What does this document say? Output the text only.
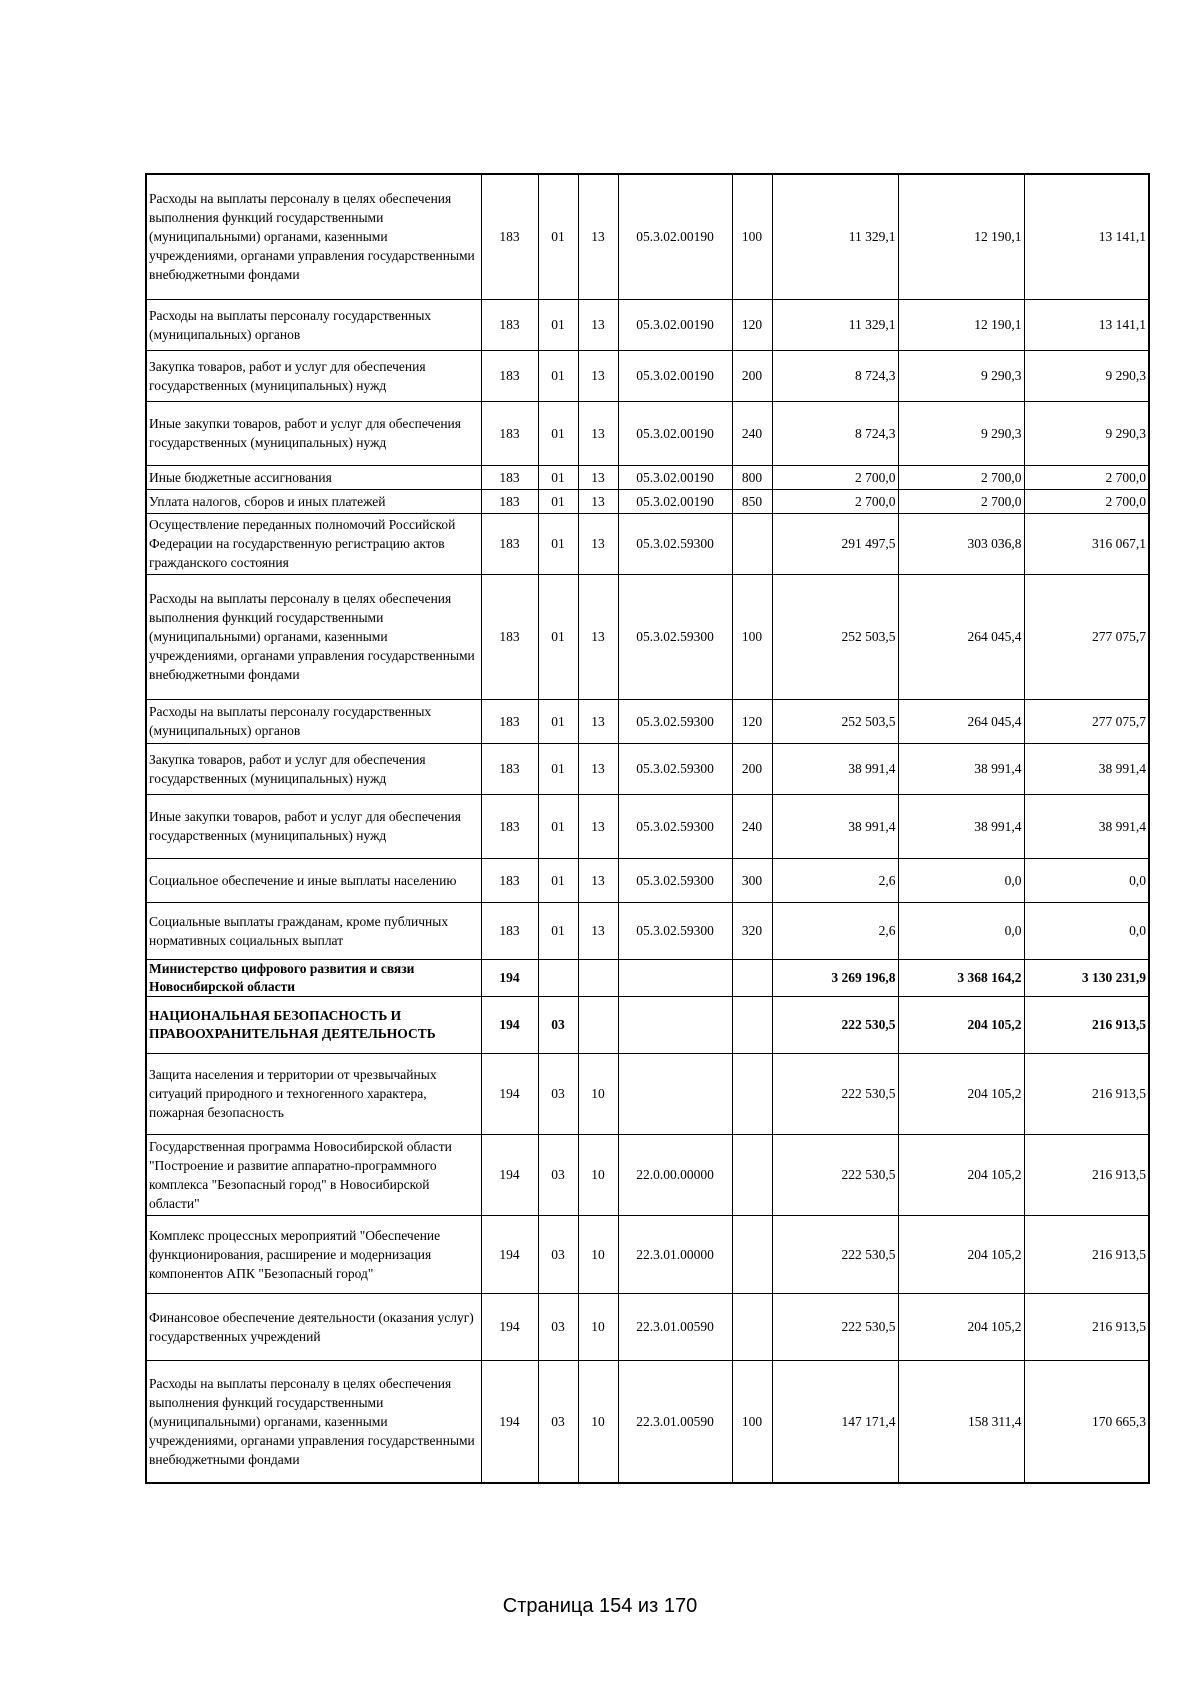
Расходы на выплаты персоналу в целях обеспечения выполнения функций государственными (муниципальными) органами, казенными учреждениями, органами управления государственными внебюджетными фондами	183	01	13	05.3.02.00190	100	11 329,1	12 190,1	13 141,1
Расходы на выплаты персоналу государственных (муниципальных) органов	183	01	13	05.3.02.00190	120	11 329,1	12 190,1	13 141,1
Закупка товаров, работ и услуг для обеспечения государственных (муниципальных) нужд	183	01	13	05.3.02.00190	200	8 724,3	9 290,3	9 290,3
Иные закупки товаров, работ и услуг для обеспечения государственных (муниципальных) нужд	183	01	13	05.3.02.00190	240	8 724,3	9 290,3	9 290,3
Иные бюджетные ассигнования	183	01	13	05.3.02.00190	800	2 700,0	2 700,0	2 700,0
Уплата налогов, сборов и иных платежей	183	01	13	05.3.02.00190	850	2 700,0	2 700,0	2 700,0
Осуществление переданных полномочий Российской Федерации на государственную регистрацию актов гражданского состояния	183	01	13	05.3.02.59300		291 497,5	303 036,8	316 067,1
Расходы на выплаты персоналу в целях обеспечения выполнения функций государственными (муниципальными) органами, казенными учреждениями, органами управления государственными внебюджетными фондами	183	01	13	05.3.02.59300	100	252 503,5	264 045,4	277 075,7
Расходы на выплаты персоналу государственных (муниципальных) органов	183	01	13	05.3.02.59300	120	252 503,5	264 045,4	277 075,7
Закупка товаров, работ и услуг для обеспечения государственных (муниципальных) нужд	183	01	13	05.3.02.59300	200	38 991,4	38 991,4	38 991,4
Иные закупки товаров, работ и услуг для обеспечения государственных (муниципальных) нужд	183	01	13	05.3.02.59300	240	38 991,4	38 991,4	38 991,4
Социальное обеспечение и иные выплаты населению	183	01	13	05.3.02.59300	300	2,6	0,0	0,0
Социальные выплаты гражданам, кроме публичных нормативных социальных выплат	183	01	13	05.3.02.59300	320	2,6	0,0	0,0
Министерство цифрового развития и связи Новосибирской области	194					3 269 196,8	3 368 164,2	3 130 231,9
НАЦИОНАЛЬНАЯ БЕЗОПАСНОСТЬ И ПРАВООХРАНИТЕЛЬНАЯ ДЕЯТЕЛЬНОСТЬ	194	03				222 530,5	204 105,2	216 913,5
Защита населения и территории от чрезвычайных ситуаций природного и техногенного характера, пожарная безопасность	194	03	10			222 530,5	204 105,2	216 913,5
Государственная программа Новосибирской области "Построение и развитие аппаратно-программного комплекса "Безопасный город" в Новосибирской области"	194	03	10	22.0.00.00000		222 530,5	204 105,2	216 913,5
Комплекс процессных мероприятий "Обеспечение функционирования, расширение и модернизация компонентов АПК "Безопасный город"	194	03	10	22.3.01.00000		222 530,5	204 105,2	216 913,5
Финансовое обеспечение деятельности (оказания услуг) государственных учреждений	194	03	10	22.3.01.00590		222 530,5	204 105,2	216 913,5
Расходы на выплаты персоналу в целях обеспечения выполнения функций государственными (муниципальными) органами, казенными учреждениями, органами управления государственными внебюджетными фондами	194	03	10	22.3.01.00590	100	147 171,4	158 311,4	170 665,3
Страница 154 из 170
